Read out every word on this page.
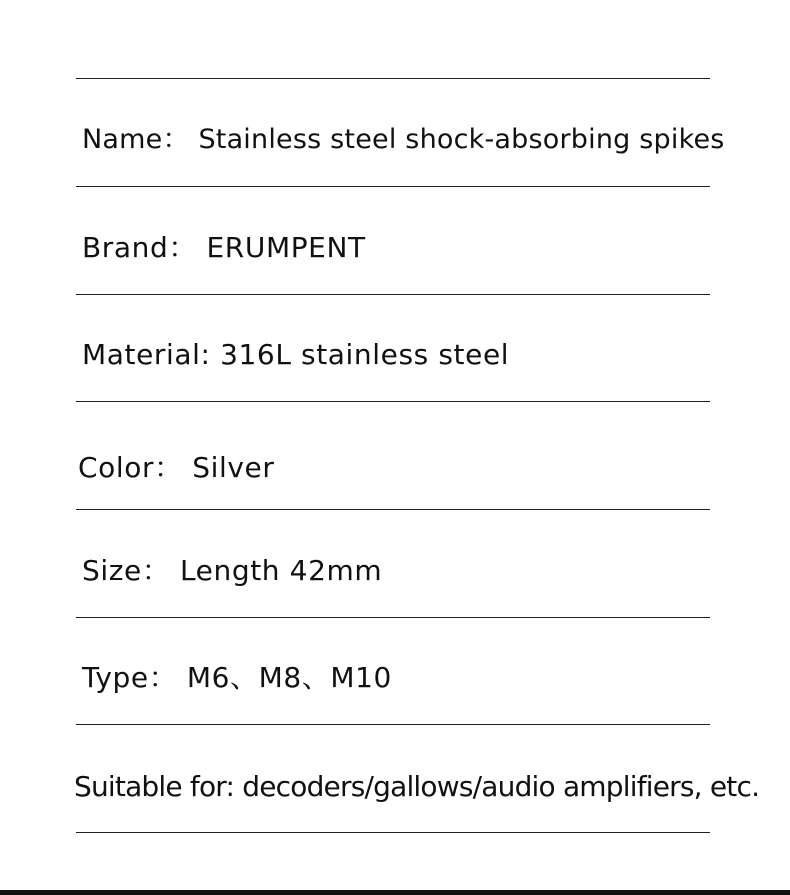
Name： Stainless steel shock-absorbing spikes
Brand： ERUMPENT
Material: 316L stainless steel
Color： Silver
Size： Length 42mm
Type： M6、M8、M10
Suitable for: decoders/gallows/audio amplifiers, etc.
